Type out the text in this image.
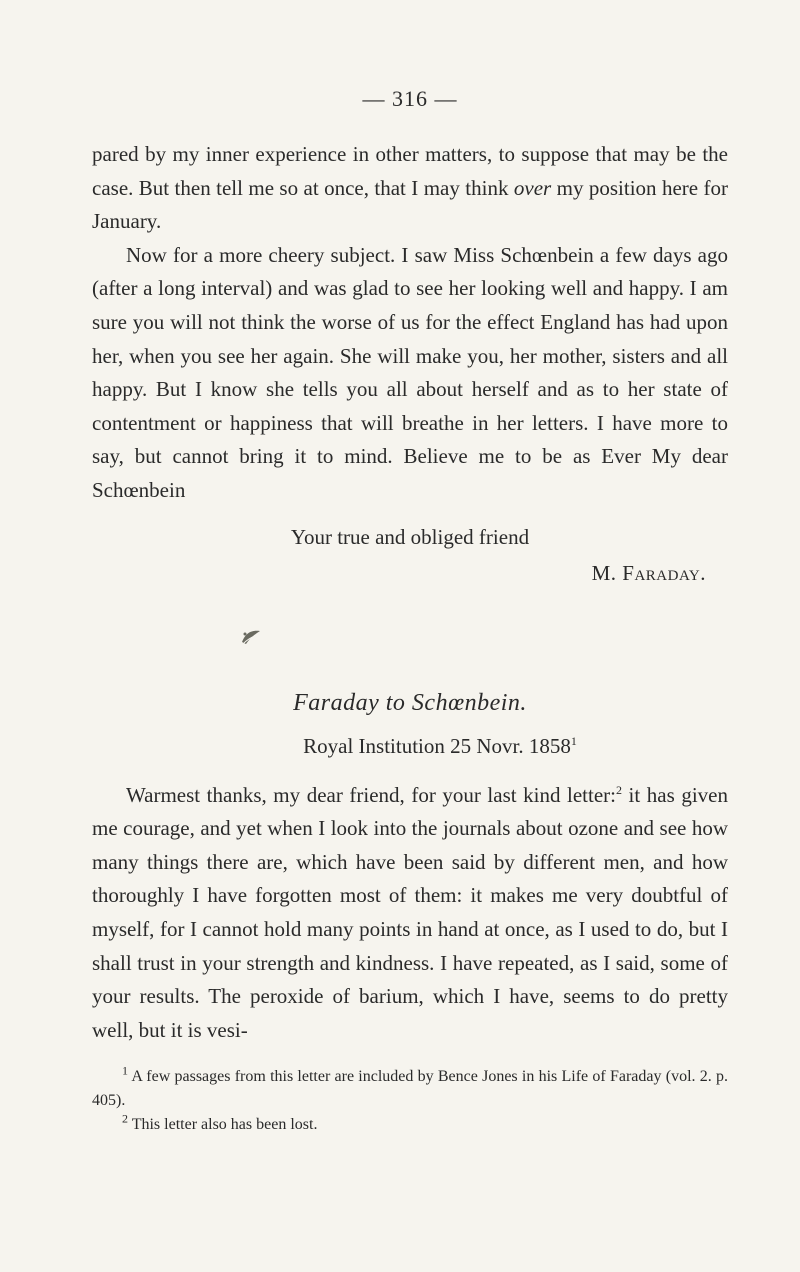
— 316 —

pared by my inner experience in other matters, to suppose that may be the case. But then tell me so at once, that I may think over my position here for January.

Now for a more cheery subject. I saw Miss Schœnbein a few days ago (after a long interval) and was glad to see her looking well and happy. I am sure you will not think the worse of us for the effect England has had upon her, when you see her again. She will make you, her mother, sisters and all happy. But I know she tells you all about herself and as to her state of contentment or happiness that will breathe in her letters. I have more to say, but cannot bring it to mind. Believe me to be as Ever My dear Schœnbein

Your true and obliged friend
M. Faraday.
Faraday to Schœnbein.
Royal Institution 25 Novr. 1858$^1$

Warmest thanks, my dear friend, for your last kind letter:$^2$ it has given me courage, and yet when I look into the journals about ozone and see how many things there are, which have been said by different men, and how thoroughly I have forgotten most of them: it makes me very doubtful of myself, for I cannot hold many points in hand at once, as I used to do, but I shall trust in your strength and kindness. I have repeated, as I said, some of your results. The peroxide of barium, which I have, seems to do pretty well, but it is vesi-

$^1$ A few passages from this letter are included by Bence Jones in his Life of Faraday (vol. 2. p. 405).

$^2$ This letter also has been lost.
